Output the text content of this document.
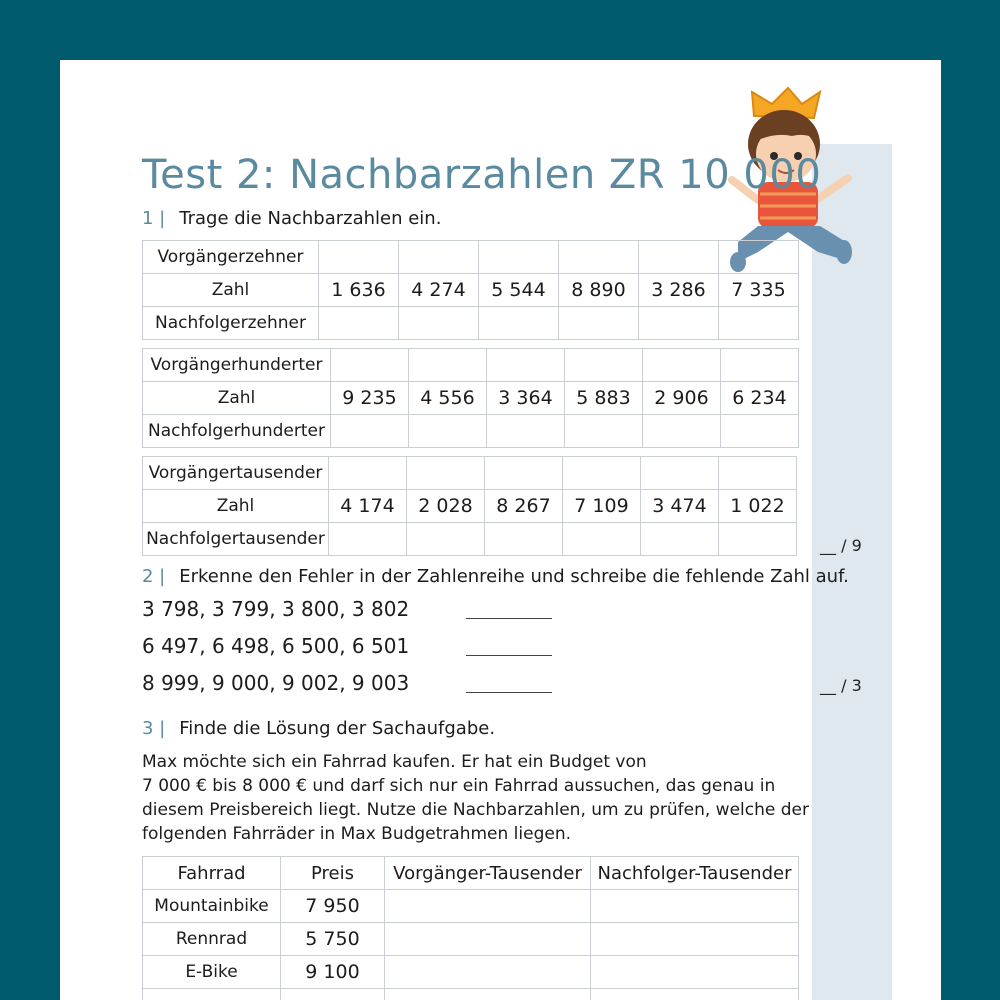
Test 2: Nachbarzahlen ZR 10 000
1 | Trage die Nachbarzahlen ein.
Vorgängerzehner						
Zahl	1 636	4 274	5 544	8 890	3 286	7 335
Nachfolgerzehner						
Vorgängerhunderter						
Zahl	9 235	4 556	3 364	5 883	2 906	6 234
Nachfolgerhunderter						
Vorgängertausender						
Zahl	4 174	2 028	8 267	7 109	3 474	1 022
Nachfolgertausender							__ / 9
2 | Erkenne den Fehler in der Zahlenreihe und schreibe die fehlende Zahl auf.
3 798, 3 799, 3 800, 3 802
6 497, 6 498, 6 500, 6 501
8 999, 9 000, 9 002, 9 003	__ / 3
3 | Finde die Lösung der Sachaufgabe.
Max möchte sich ein Fahrrad kaufen. Er hat ein Budget von
7 000 € bis 8 000 € und darf sich nur ein Fahrrad aussuchen, das genau in
diesem Preisbereich liegt. Nutze die Nachbarzahlen, um zu prüfen, welche der
folgenden Fahrräder in Max Budgetrahmen liegen.
Fahrrad	Preis	Vorgänger-Tausender	Nachfolger-Tausender
Mountainbike	7 950		
Rennrad	5 750		
E-Bike	9 100		
